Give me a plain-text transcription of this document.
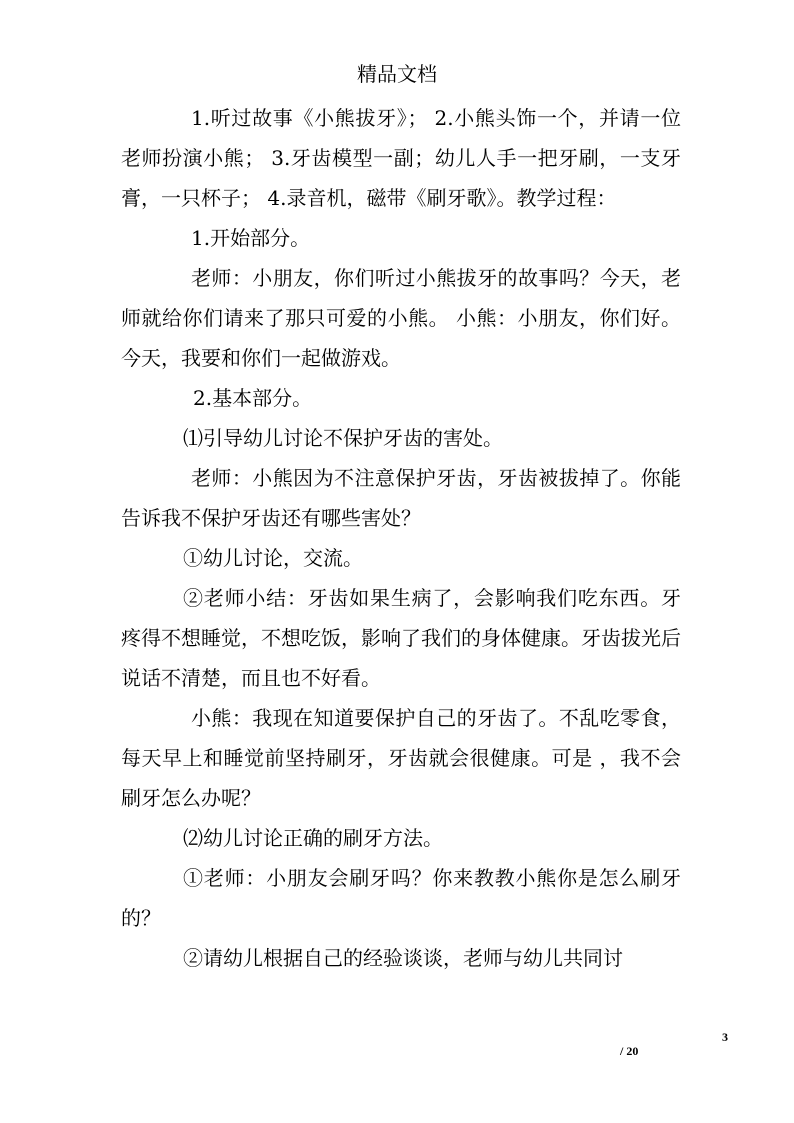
精品文档

1.听过故事《小熊拔牙》； 2.小熊头饰一个，并请一位老师扮演小熊； 3.牙齿模型一副；幼儿人手一把牙刷，一支牙膏，一只杯子； 4.录音机，磁带《刷牙歌》。教学过程：

1.开始部分。

老师：小朋友，你们听过小熊拔牙的故事吗？今天，老师就给你们请来了那只可爱的小熊。 小熊：小朋友，你们好。今天，我要和你们一起做游戏。

2.基本部分。

⑴引导幼儿讨论不保护牙齿的害处。

老师：小熊因为不注意保护牙齿，牙齿被拔掉了。你能告诉我不保护牙齿还有哪些害处？

①幼儿讨论，交流。

②老师小结：牙齿如果生病了，会影响我们吃东西。牙疼得不想睡觉，不想吃饭，影响了我们的身体健康。牙齿拔光后说话不清楚，而且也不好看。

小熊：我现在知道要保护自己的牙齿了。不乱吃零食，每天早上和睡觉前坚持刷牙，牙齿就会很健康。可是 ，我不会刷牙怎么办呢？

⑵幼儿讨论正确的刷牙方法。

①老师：小朋友会刷牙吗？你来教教小熊你是怎么刷牙的？

②请幼儿根据自己的经验谈谈，老师与幼儿共同讨

3
/ 20
